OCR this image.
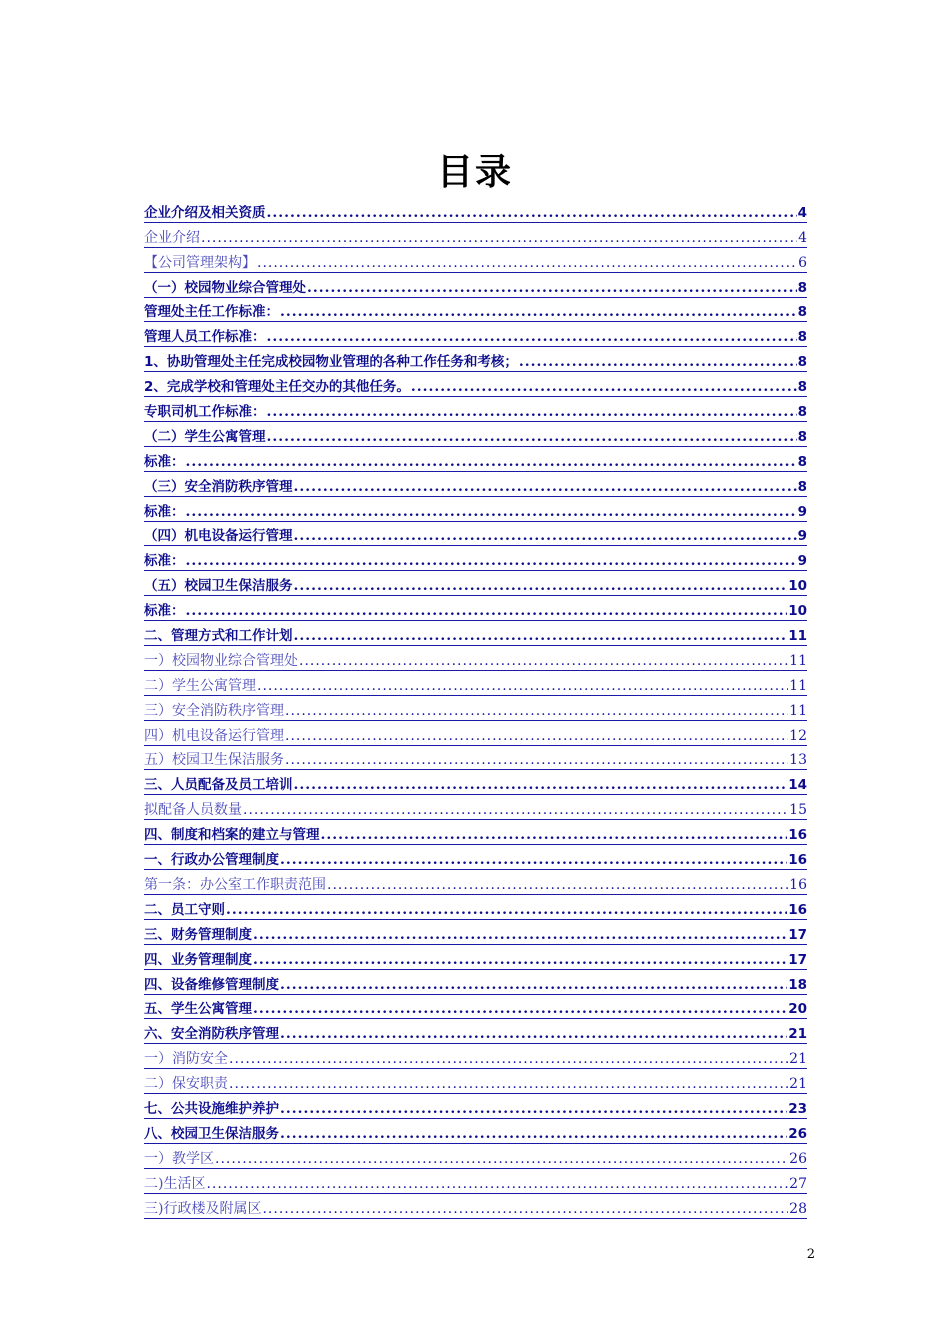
目录
企业介绍及相关资质 .....	4
企业介绍 .....	4
【公司管理架构】 .....	6
（一）校园物业综合管理处 .....	8
管理处主任工作标准： .....	8
管理人员工作标准： .....	8
1、协助管理处主任完成校园物业管理的各种工作任务和考核； .....	8
2、完成学校和管理处主任交办的其他任务。 .....	8
专职司机工作标准： .....	8
（二）学生公寓管理 .....	8
标准： .....	8
（三）安全消防秩序管理 .....	8
标准： .....	9
（四）机电设备运行管理 .....	9
标准： .....	9
（五）校园卫生保洁服务 .....	10
标准： .....	10
二、管理方式和工作计划 .....	11
一）校园物业综合管理处 .....	11
二）学生公寓管理 .....	11
三）安全消防秩序管理 .....	11
四）机电设备运行管理 .....	12
五）校园卫生保洁服务 .....	13
三、人员配备及员工培训 .....	14
拟配备人员数量 .....	15
四、制度和档案的建立与管理 .....	16
一、行政办公管理制度 .....	16
第一条：办公室工作职责范围 .....	16
二、员工守则 .....	16
三、财务管理制度 .....	17
四、业务管理制度 .....	17
四、设备维修管理制度 .....	18
五、学生公寓管理 .....	20
六、安全消防秩序管理 .....	21
一）消防安全 .....	21
二）保安职责 .....	21
七、公共设施维护养护 .....	23
八、校园卫生保洁服务 .....	26
一）教学区 .....	26
二)生活区 .....	27
三)行政楼及附属区 .....	28
2
